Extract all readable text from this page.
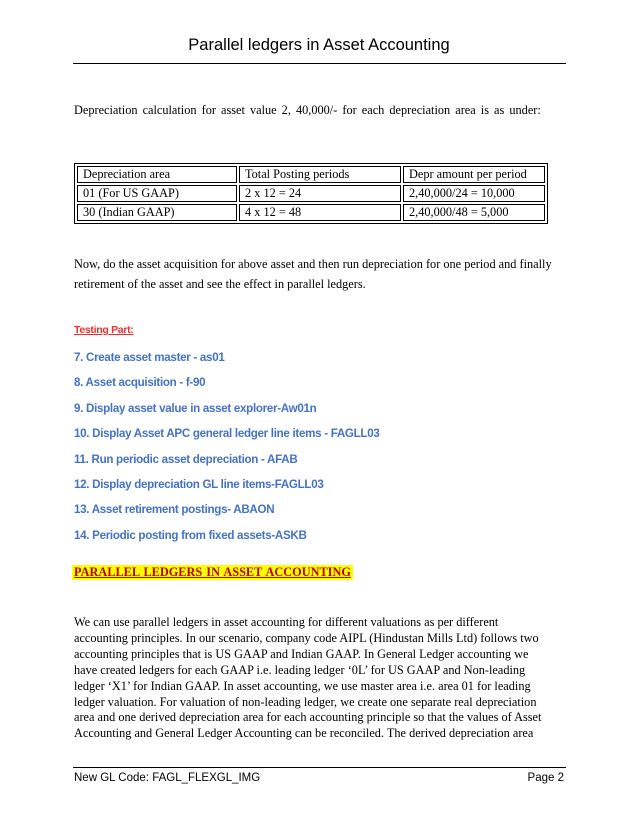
Parallel ledgers in Asset Accounting
Depreciation calculation for asset value 2, 40,000/- for each depreciation area is as under:
Depreciation area	Total Posting periods	Depr amount per period
01 (For US GAAP)	2 x 12 = 24	2,40,000/24 = 10,000
30 (Indian GAAP)	4 x 12 = 48	2,40,000/48 = 5,000
Now, do the asset acquisition for above asset and then run depreciation for one period and finally retirement of the asset and see the effect in parallel ledgers.
Testing Part:
7. Create asset master - as01
8. Asset acquisition - f-90
9. Display asset value in asset explorer-Aw01n
10. Display Asset APC general ledger line items - FAGLL03
11. Run periodic asset depreciation - AFAB
12. Display depreciation GL line items-FAGLL03
13. Asset retirement postings- ABAON
14. Periodic posting from fixed assets-ASKB
PARALLEL LEDGERS IN ASSET ACCOUNTING
We can use parallel ledgers in asset accounting for different valuations as per different
accounting principles. In our scenario, company code AIPL (Hindustan Mills Ltd) follows two
accounting principles that is US GAAP and Indian GAAP. In General Ledger accounting we
have created ledgers for each GAAP i.e. leading ledger ‘0L’ for US GAAP and Non-leading
ledger ‘X1’ for Indian GAAP. In asset accounting, we use master area i.e. area 01 for leading
ledger valuation. For valuation of non-leading ledger, we create one separate real depreciation
area and one derived depreciation area for each accounting principle so that the values of Asset
Accounting and General Ledger Accounting can be reconciled. The derived depreciation area
New GL Code: FAGL_FLEXGL_IMG	Page 2
